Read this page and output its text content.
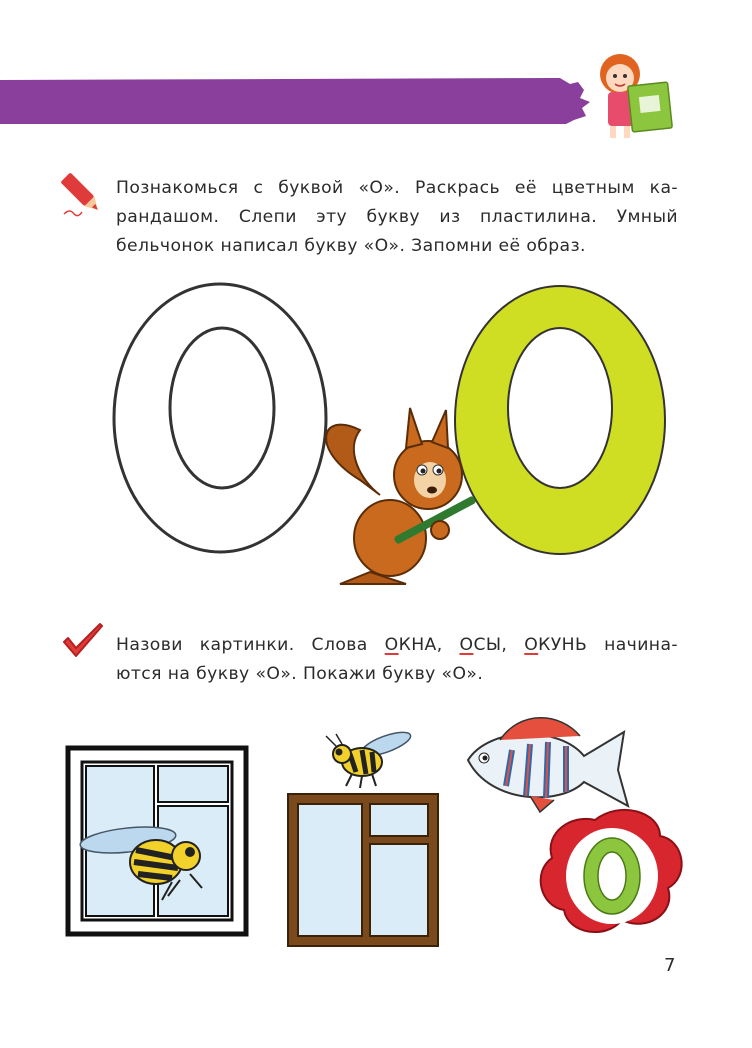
Познакомься с буквой «О». Раскрась её цветным ка-
рандашом. Слепи эту букву из пластилина. Умный
бельчонок написал букву «О». Запомни её образ.
Назови картинки. Слова ОКНА, ОСЫ, ОКУНЬ начина-
ются на букву «О». Покажи букву «О».
7
